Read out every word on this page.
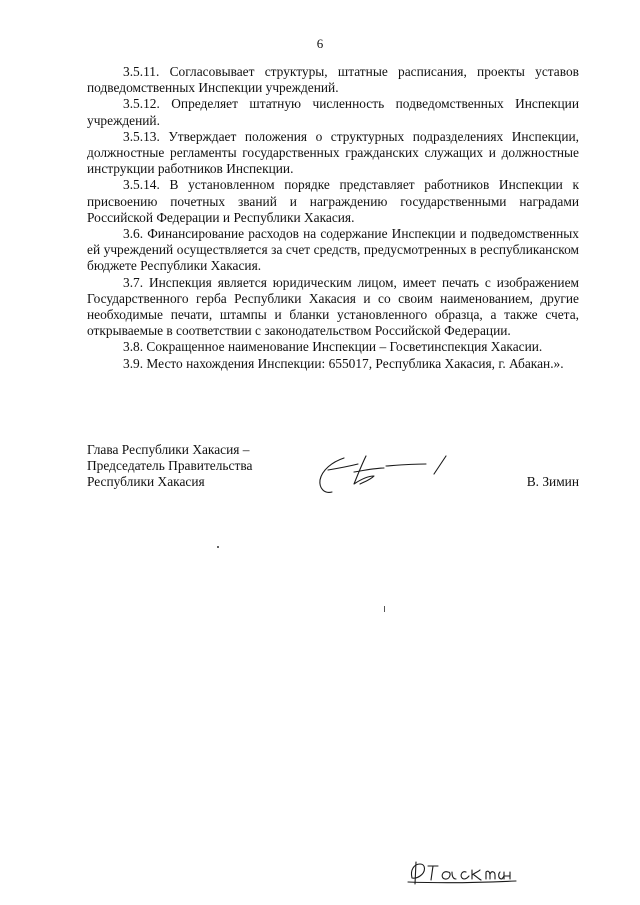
6

3.5.11. Согласовывает структуры, штатные расписания, проекты уставов подведомственных Инспекции учреждений.

3.5.12. Определяет штатную численность подведомственных Инспекции учреждений.

3.5.13. Утверждает положения о структурных подразделениях Инспекции, должностные регламенты государственных гражданских служащих и должностные инструкции работников Инспекции.

3.5.14. В установленном порядке представляет работников Инспекции к присвоению почетных званий и награждению государственными наградами Российской Федерации и Республики Хакасия.

3.6. Финансирование расходов на содержание Инспекции и подведомственных ей учреждений осуществляется за счет средств, предусмотренных в республиканском бюджете Республики Хакасия.

3.7. Инспекция является юридическим лицом, имеет печать с изображением Государственного герба Республики Хакасия и со своим наименованием, другие необходимые печати, штампы и бланки установленного образца, а также счета, открываемые в соответствии с законодательством Российской Федерации.

3.8. Сокращенное наименование Инспекции – Госветинспекция Хакасии.

3.9. Место нахождения Инспекции: 655017, Республика Хакасия, г. Абакан.».

Глава Республики Хакасия –
Председатель Правительства
Республики Хакасия	В. Зимин
